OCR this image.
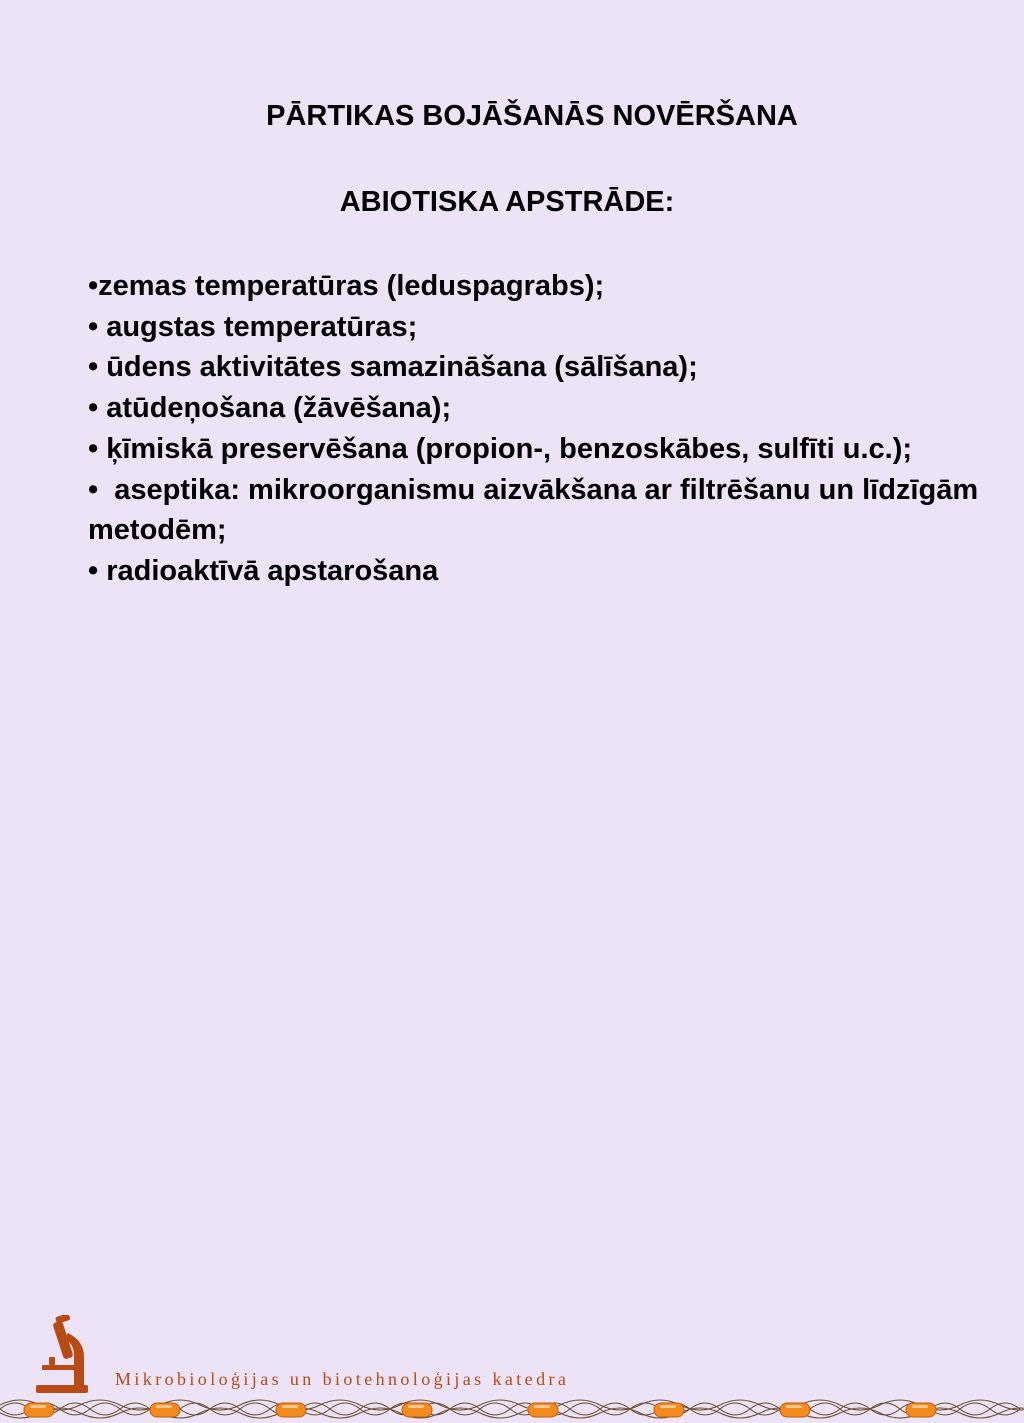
PĀRTIKAS BOJĀŠANĀS NOVĒRŠANA
ABIOTISKA APSTRĀDE:
•zemas temperatūras (leduspagrabs);
• augstas temperatūras;
• ūdens aktivitātes samazināšana (sālīšana);
• atūdeņošana (žāvēšana);
• ķīmiskā preservēšana (propion-, benzoskābes, sulfīti u.c.);
•  aseptika: mikroorganismu aizvākšana ar filtrēšanu un līdzīgām   metodēm;
• radioaktīvā apstarošana
Mikrobioloģijas un biotehnoloģijas katedra
